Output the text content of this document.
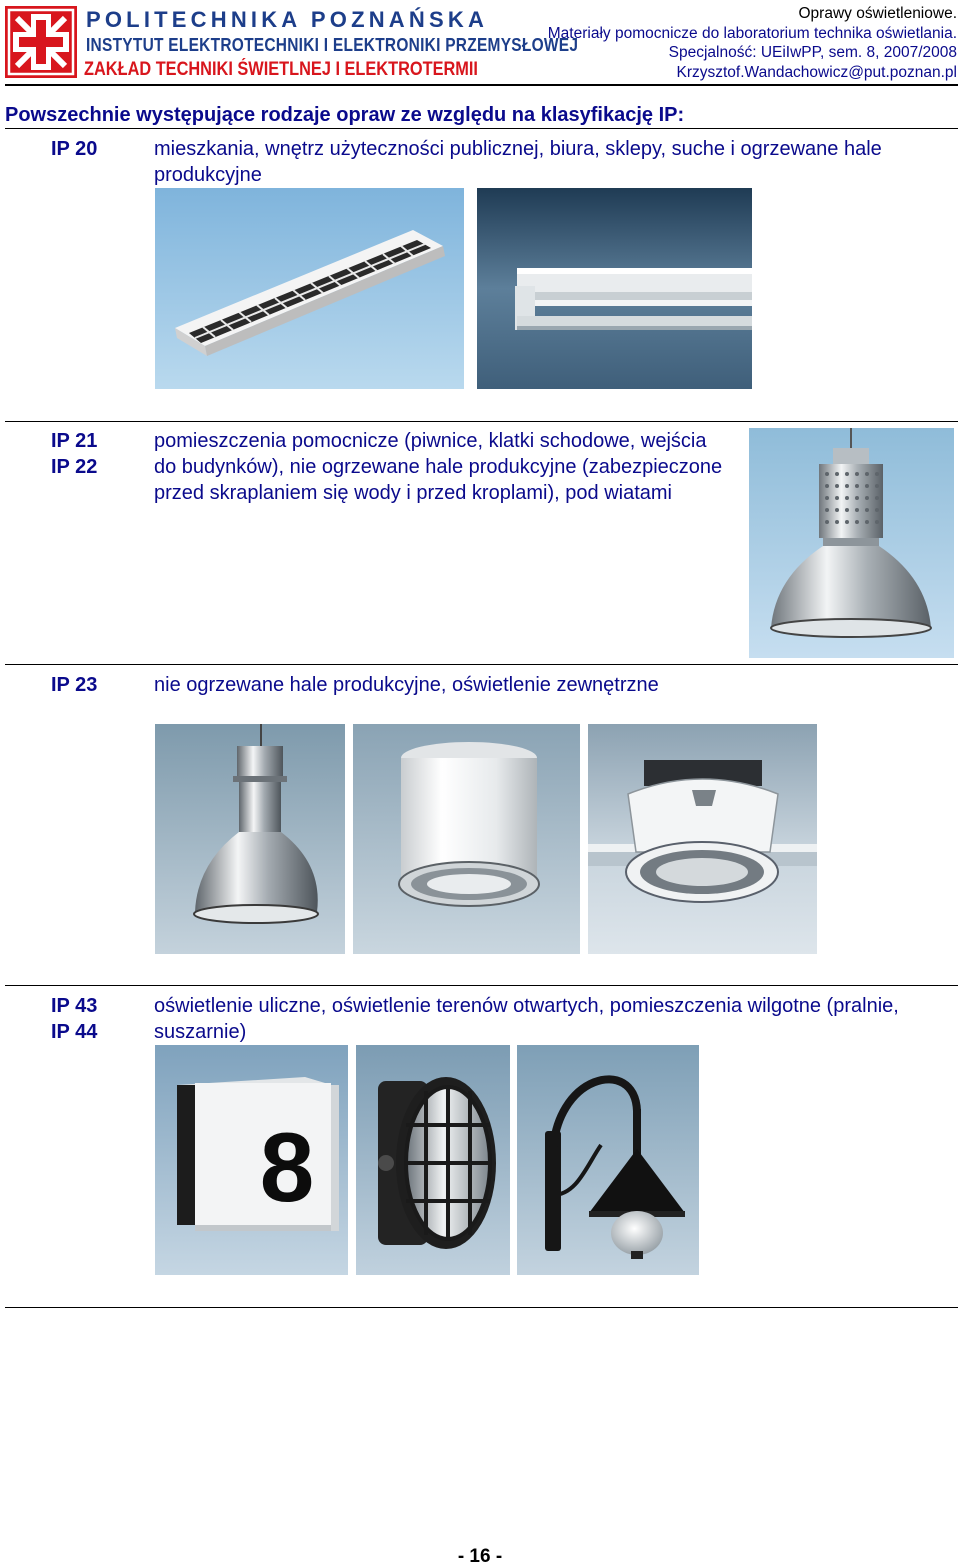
POLITECHNIKA POZNAŃSKA
INSTYTUT ELEKTROTECHNIKI I ELEKTRONIKI PRZEMYSŁOWEJ
ZAKŁAD TECHNIKI ŚWIETLNEJ I ELEKTROTERMII
Oprawy oświetleniowe.
Materiały pomocnicze do laboratorium technika oświetlania.
Specjalność: UEiIwPP, sem. 8, 2007/2008
Krzysztof.Wandachowicz@put.poznan.pl
Powszechnie występujące rodzaje opraw ze względu na klasyfikację IP:
IP 20	mieszkania, wnętrz użyteczności publicznej, biura, sklepy, suche i ogrzewane hale produkcyjne
IP 21
IP 22
pomieszczenia pomocnicze (piwnice, klatki schodowe, wejścia do budynków), nie ogrzewane hale produkcyjne (zabezpieczone przed skraplaniem się wody i przed kroplami), pod wiatami
IP 23	nie ogrzewane hale produkcyjne, oświetlenie zewnętrzne
IP 43
IP 44
oświetlenie uliczne, oświetlenie terenów otwartych, pomieszczenia wilgotne (pralnie, suszarnie)
8
- 16 -
